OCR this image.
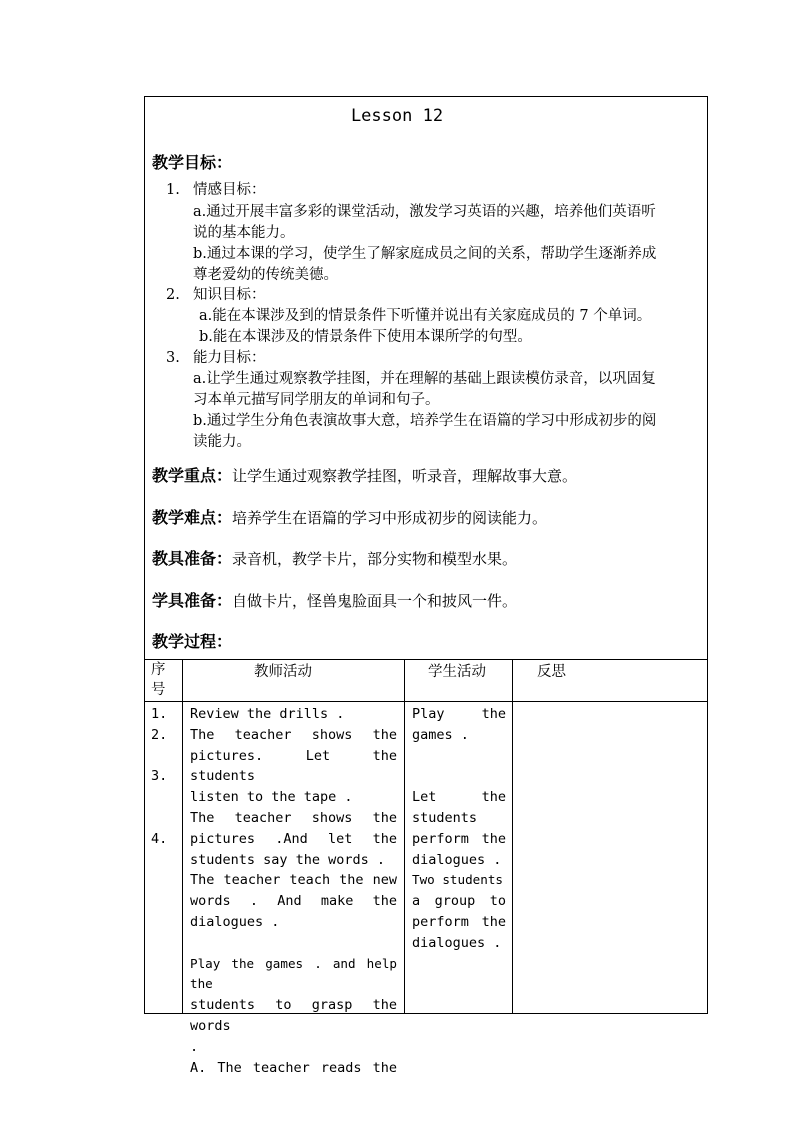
Lesson 12
教学目标：
1. 情感目标：
a.通过开展丰富多彩的课堂活动，激发学习英语的兴趣，培养他们英语听
说的基本能力。
b.通过本课的学习，使学生了解家庭成员之间的关系，帮助学生逐渐养成
尊老爱幼的传统美德。
2. 知识目标：
a.能在本课涉及到的情景条件下听懂并说出有关家庭成员的 7 个单词。
b.能在本课涉及的情景条件下使用本课所学的句型。
3. 能力目标：
a.让学生通过观察教学挂图，并在理解的基础上跟读模仿录音，以巩固复
习本单元描写同学朋友的单词和句子。
b.通过学生分角色表演故事大意，培养学生在语篇的学习中形成初步的阅
读能力。
教学重点：让学生通过观察教学挂图，听录音，理解故事大意。
教学难点：培养学生在语篇的学习中形成初步的阅读能力。
教具准备：录音机，教学卡片，部分实物和模型水果。
学具准备：自做卡片，怪兽鬼脸面具一个和披风一件。
教学过程：
序
号
教师活动	学生活动	反思
1.
2.
3.
4.
Review the drills .
The teacher shows the
pictures. Let the students
listen to the tape .
The teacher shows the
pictures .And let the
students say the words .
The teacher teach the new
words . And make the
dialogues .
Play the games . and help the
students to grasp the words
.
A. The teacher reads the
Play the
games .
Let the
students
perform the
dialogues .
Two students
a group to
perform the
dialogues .
